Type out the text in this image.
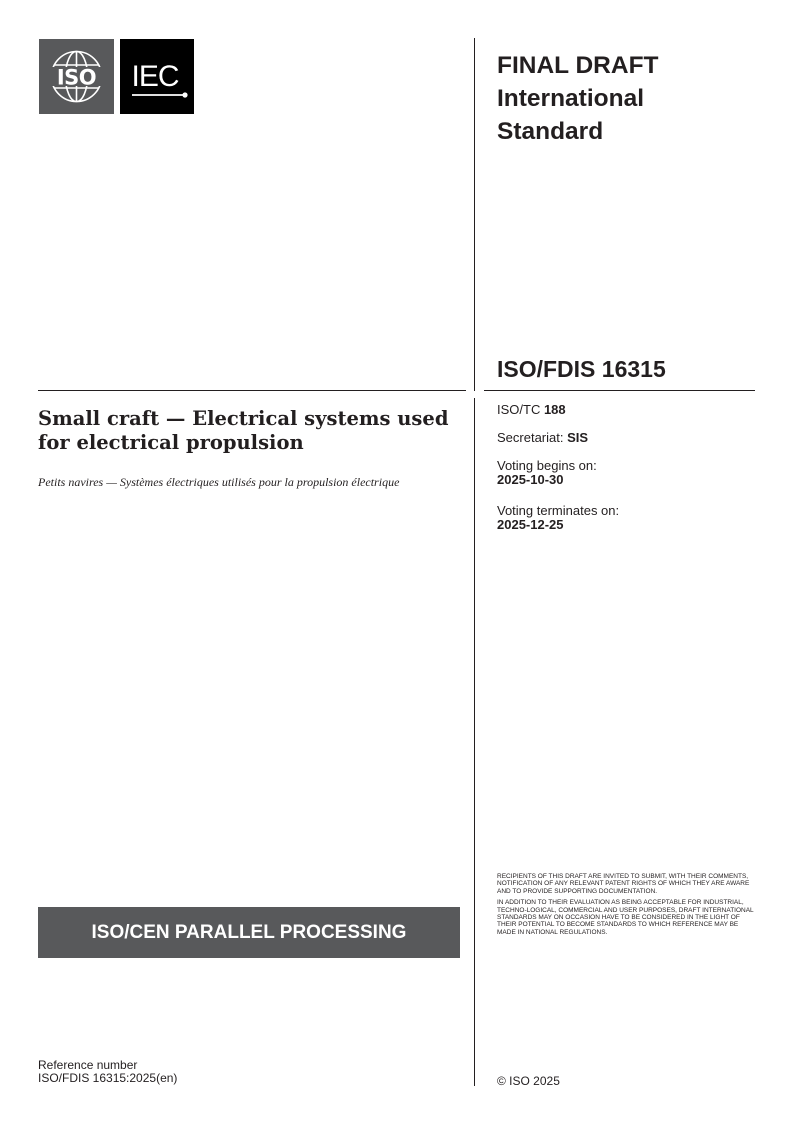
ISO IEC	FINAL DRAFT
International
Standard
ISO/FDIS 16315
ISO/TC 188
Secretariat: SIS
Voting begins on:
2025-10-30
Voting terminates on:
2025-12-25
Small craft — Electrical systems used for electrical propulsion
Petits navires — Systèmes électriques utilisés pour la propulsion électrique
ISO/CEN PARALLEL PROCESSING

RECIPIENTS OF THIS DRAFT ARE INVITED TO SUBMIT, WITH THEIR COMMENTS, NOTIFICATION OF ANY RELEVANT PATENT RIGHTS OF WHICH THEY ARE AWARE AND TO PROVIDE SUPPORTING DOCUMENTATION.

IN ADDITION TO THEIR EVALUATION AS BEING ACCEPTABLE FOR INDUSTRIAL, TECHNO-LOGICAL, COMMERCIAL AND USER PURPOSES, DRAFT INTERNATIONAL STANDARDS MAY ON OCCASION HAVE TO BE CONSIDERED IN THE LIGHT OF THEIR POTENTIAL TO BECOME STANDARDS TO WHICH REFERENCE MAY BE MADE IN NATIONAL REGULATIONS.

Reference number
ISO/FDIS 16315:2025(en)	© ISO 2025
